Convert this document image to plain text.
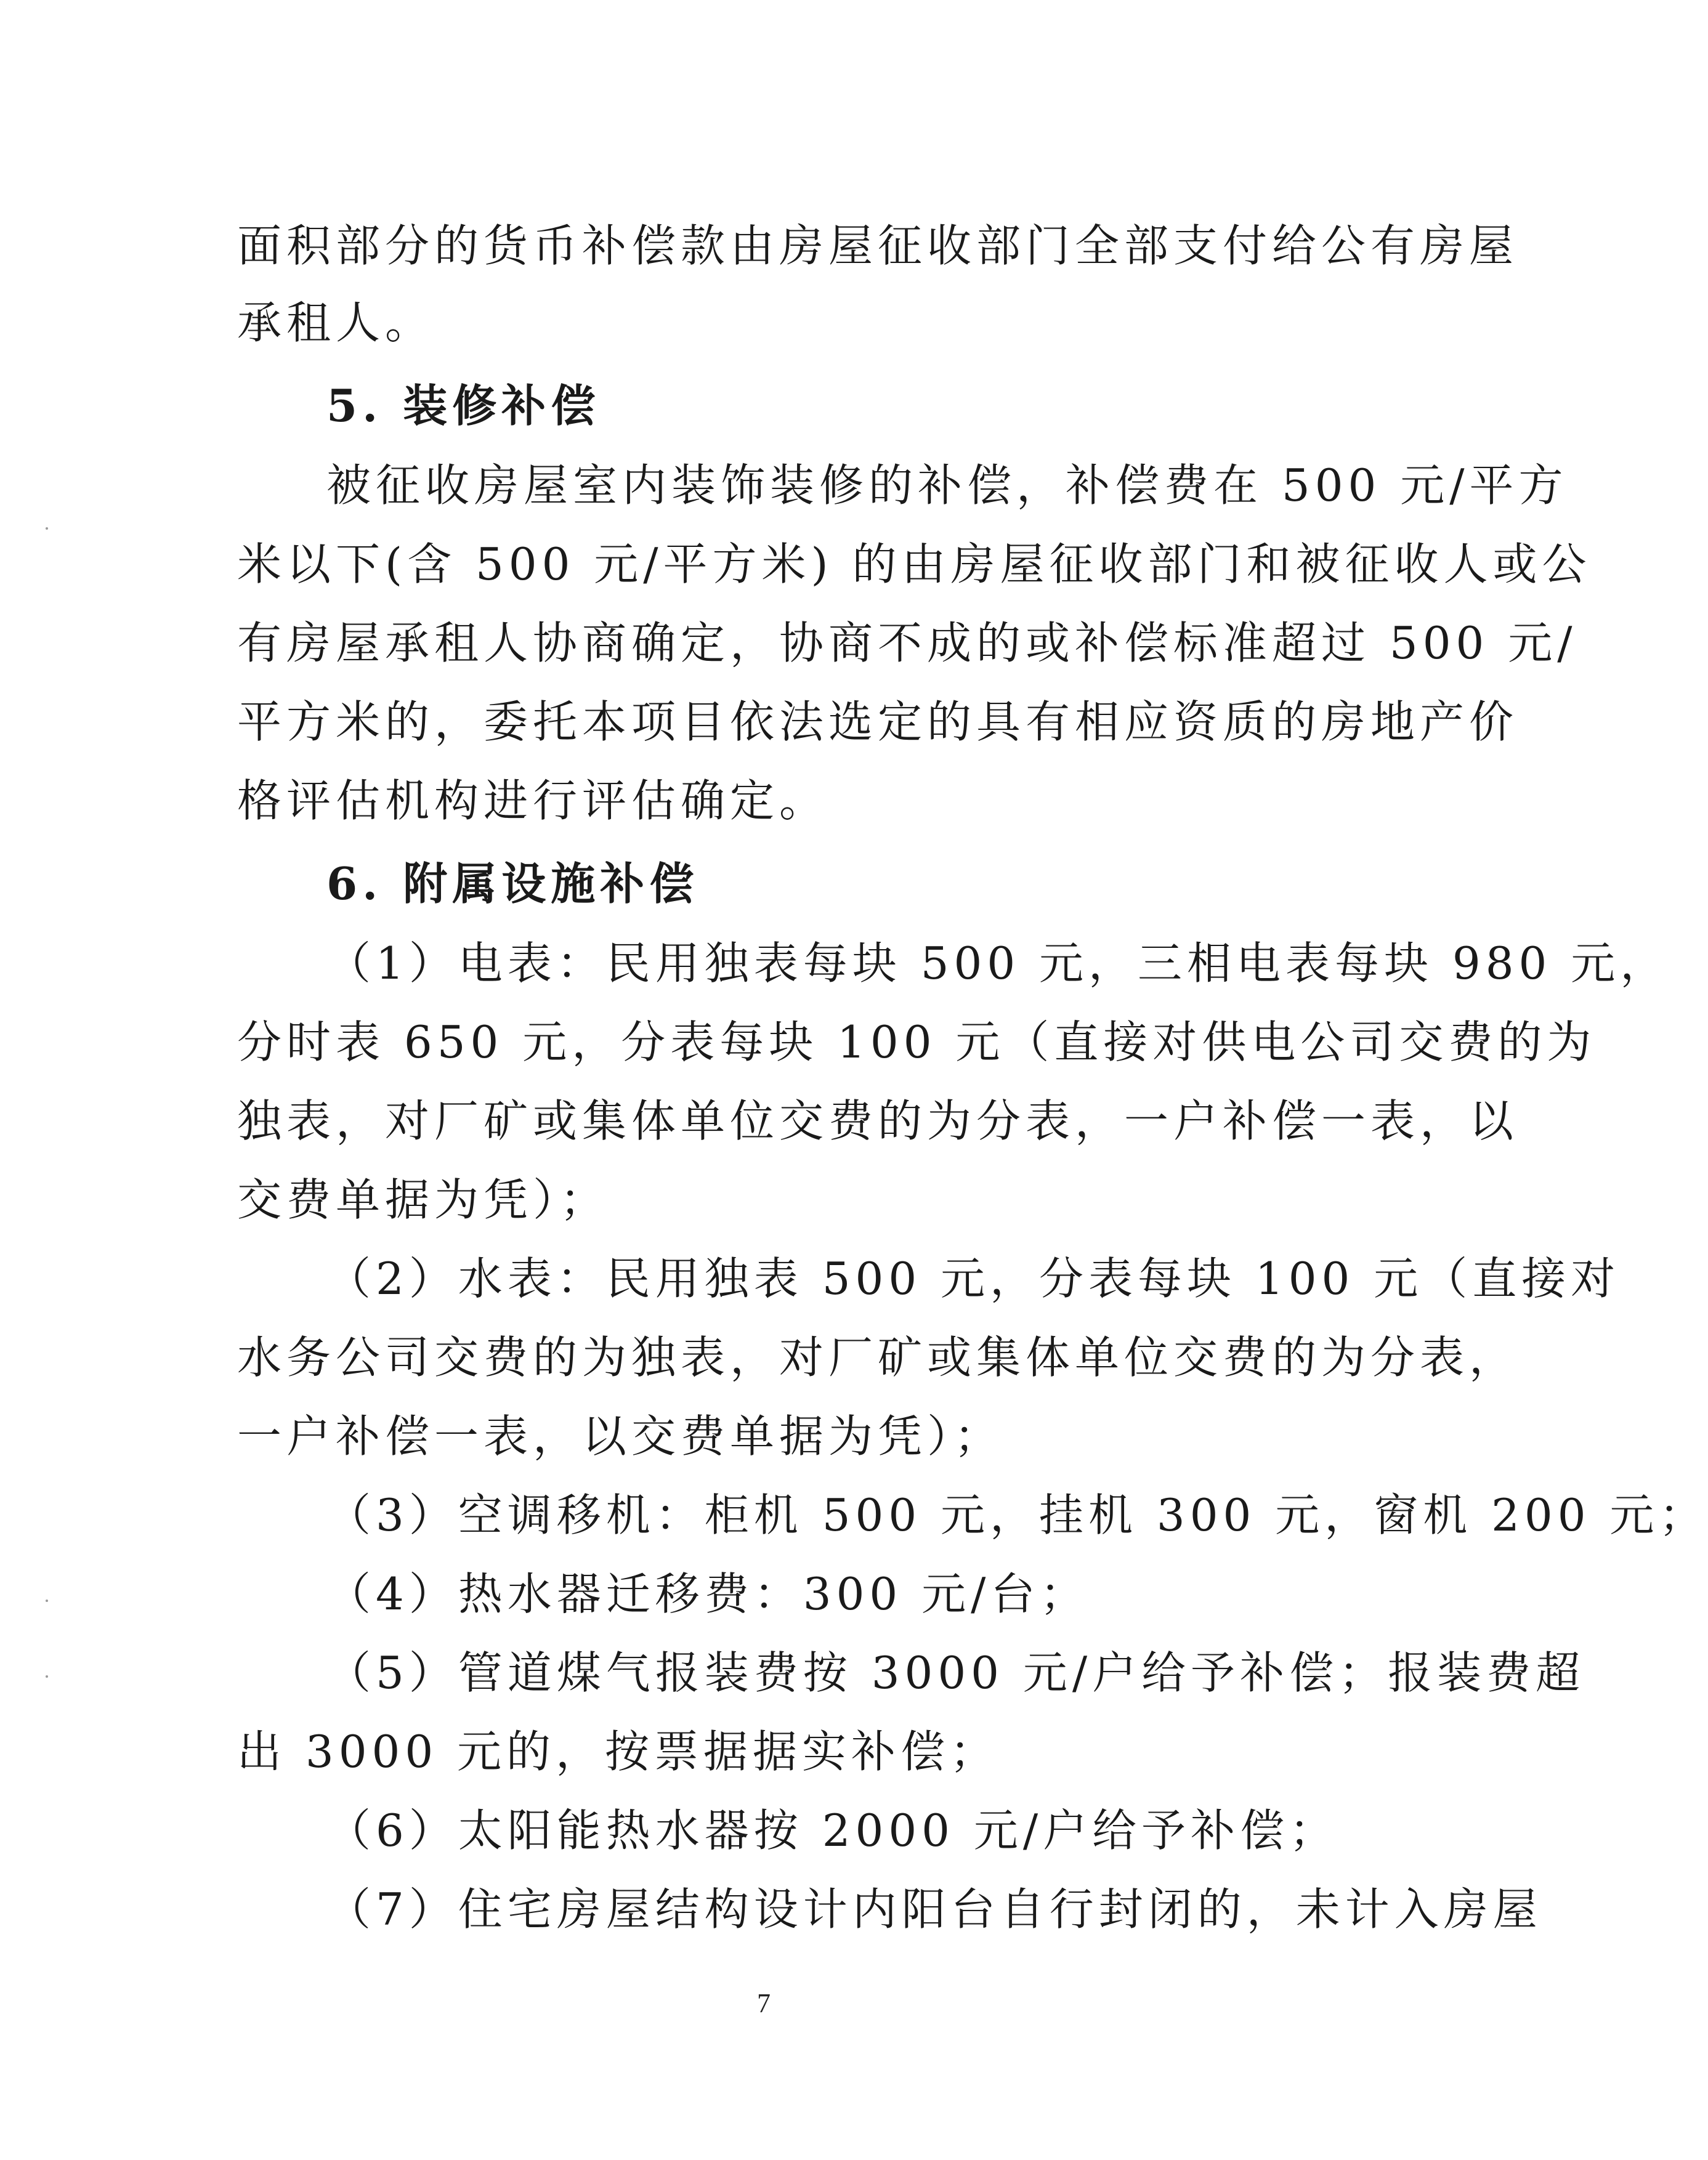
面积部分的货币补偿款由房屋征收部门全部支付给公有房屋
承租人。
5. 装修补偿
被征收房屋室内装饰装修的补偿，补偿费在 500 元/平方
米以下(含 500 元/平方米) 的由房屋征收部门和被征收人或公
有房屋承租人协商确定，协商不成的或补偿标准超过 500 元/
平方米的，委托本项目依法选定的具有相应资质的房地产价
格评估机构进行评估确定。
6. 附属设施补偿
（1）电表：民用独表每块 500 元，三相电表每块 980 元，
分时表 650 元，分表每块 100 元（直接对供电公司交费的为
独表，对厂矿或集体单位交费的为分表，一户补偿一表，以
交费单据为凭）；
（2）水表：民用独表 500 元，分表每块 100 元（直接对
水务公司交费的为独表，对厂矿或集体单位交费的为分表，
一户补偿一表，以交费单据为凭）；
（3）空调移机：柜机 500 元，挂机 300 元，窗机 200 元；
（4）热水器迁移费：300 元/台；
（5）管道煤气报装费按 3000 元/户给予补偿；报装费超
出 3000 元的，按票据据实补偿；
（6）太阳能热水器按 2000 元/户给予补偿；
（7）住宅房屋结构设计内阳台自行封闭的，未计入房屋
7
